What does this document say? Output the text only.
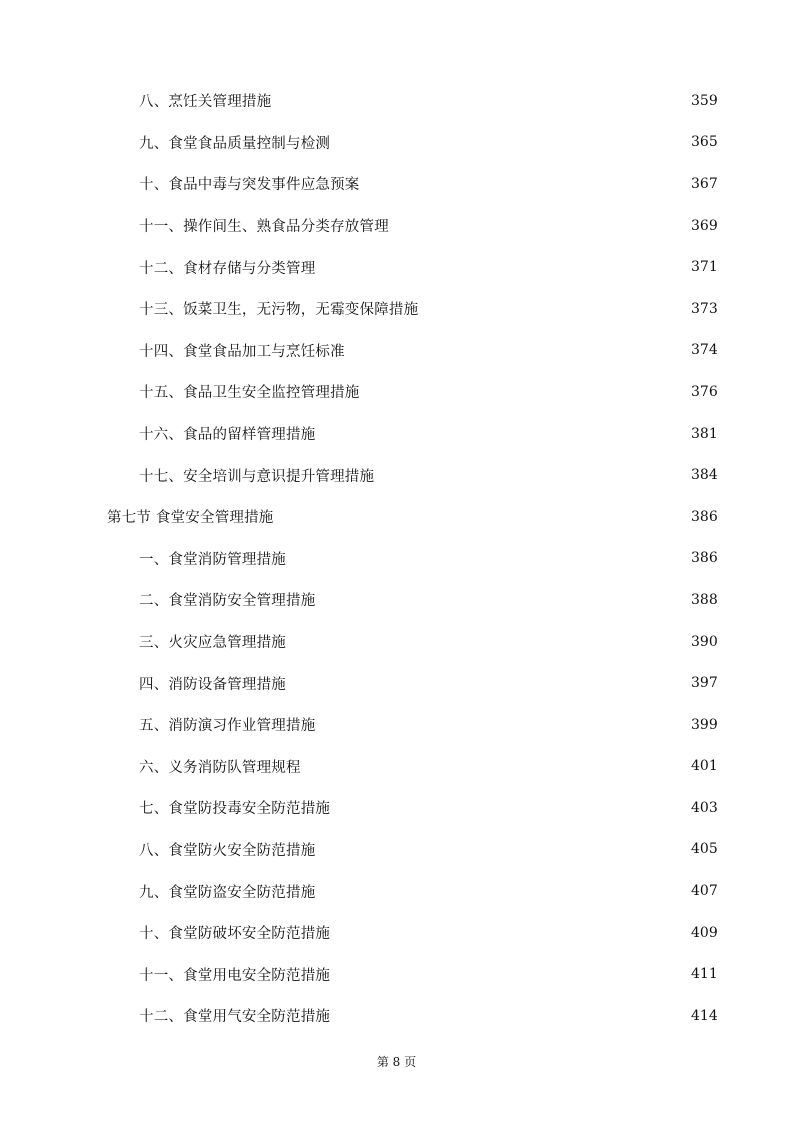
八、烹饪关管理措施	359
九、食堂食品质量控制与检测	365
十、食品中毒与突发事件应急预案	367
十一、操作间生、熟食品分类存放管理	369
十二、食材存储与分类管理	371
十三、饭菜卫生，无污物，无霉变保障措施	373
十四、食堂食品加工与烹饪标准	374
十五、食品卫生安全监控管理措施	376
十六、食品的留样管理措施	381
十七、安全培训与意识提升管理措施	384
第七节 食堂安全管理措施	386
一、食堂消防管理措施	386
二、食堂消防安全管理措施	388
三、火灾应急管理措施	390
四、消防设备管理措施	397
五、消防演习作业管理措施	399
六、义务消防队管理规程	401
七、食堂防投毒安全防范措施	403
八、食堂防火安全防范措施	405
九、食堂防盗安全防范措施	407
十、食堂防破坏安全防范措施	409
十一、食堂用电安全防范措施	411
十二、食堂用气安全防范措施	414
第 8 页
